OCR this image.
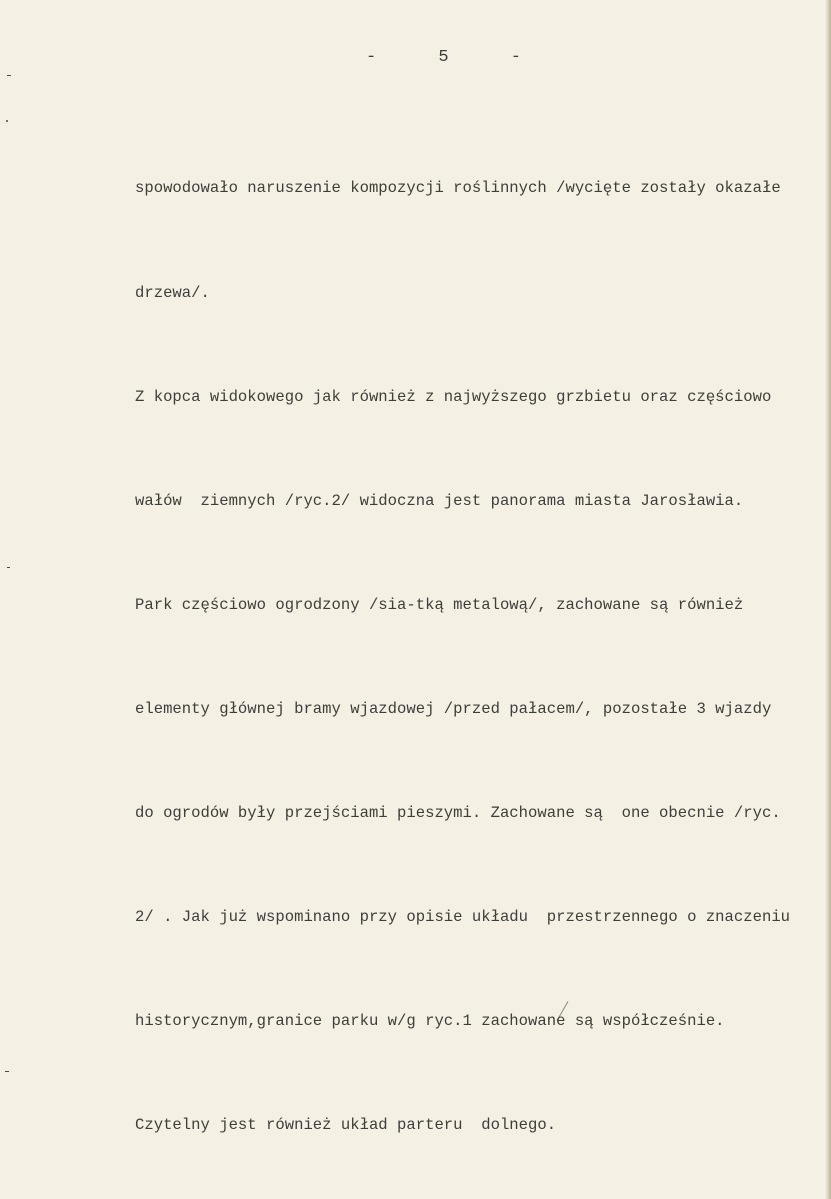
- 5 -

spowodowało naruszenie kompozycji roślinnych /wycięte zostały okazałe

drzewa/.

Z kopca widokowego jak również z najwyższego grzbietu oraz częściowo

wałów  ziemnych /ryc.2/ widoczna jest panorama miasta Jarosławia.

Park częściowo ogrodzony /sia-tką metalową/, zachowane są również

elementy głównej bramy wjazdowej /przed pałacem/, pozostałe 3 wjazdy

do ogrodów były przejściami pieszymi. Zachowane są  one obecnie /ryc.

2/ . Jak już wspominano przy opisie układu  przestrzennego o znaczeniu

historycznym,granice parku w/g ryc.1 zachowane są współcześnie.

Czytelny jest również układ parteru  dolnego.
